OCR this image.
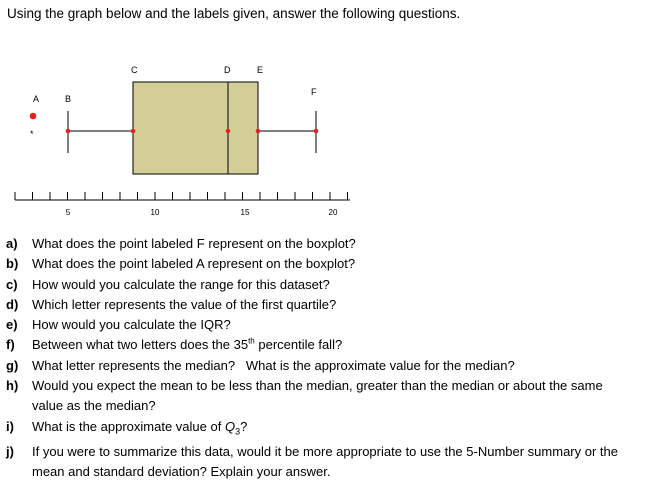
Using the graph below and the labels given, answer the following questions.
A	B
C	D	E
F
*
5	10	15	20
a)	What does the point labeled F represent on the boxplot?
b)	What does the point labeled A represent on the boxplot?
c)	How would you calculate the range for this dataset?
d)	Which letter represents the value of the first quartile?
e)	How would you calculate the IQR?
f)	Between what two letters does the 35th percentile fall?
g)	What letter represents the median?   What is the approximate value for the median?
h)	Would you expect the mean to be less than the median, greater than the median or about the same
value as the median?
i)	What is the approximate value of $Q_3$?
j)	If you were to summarize this data, would it be more appropriate to use the 5-Number summary or the
mean and standard deviation? Explain your answer.
